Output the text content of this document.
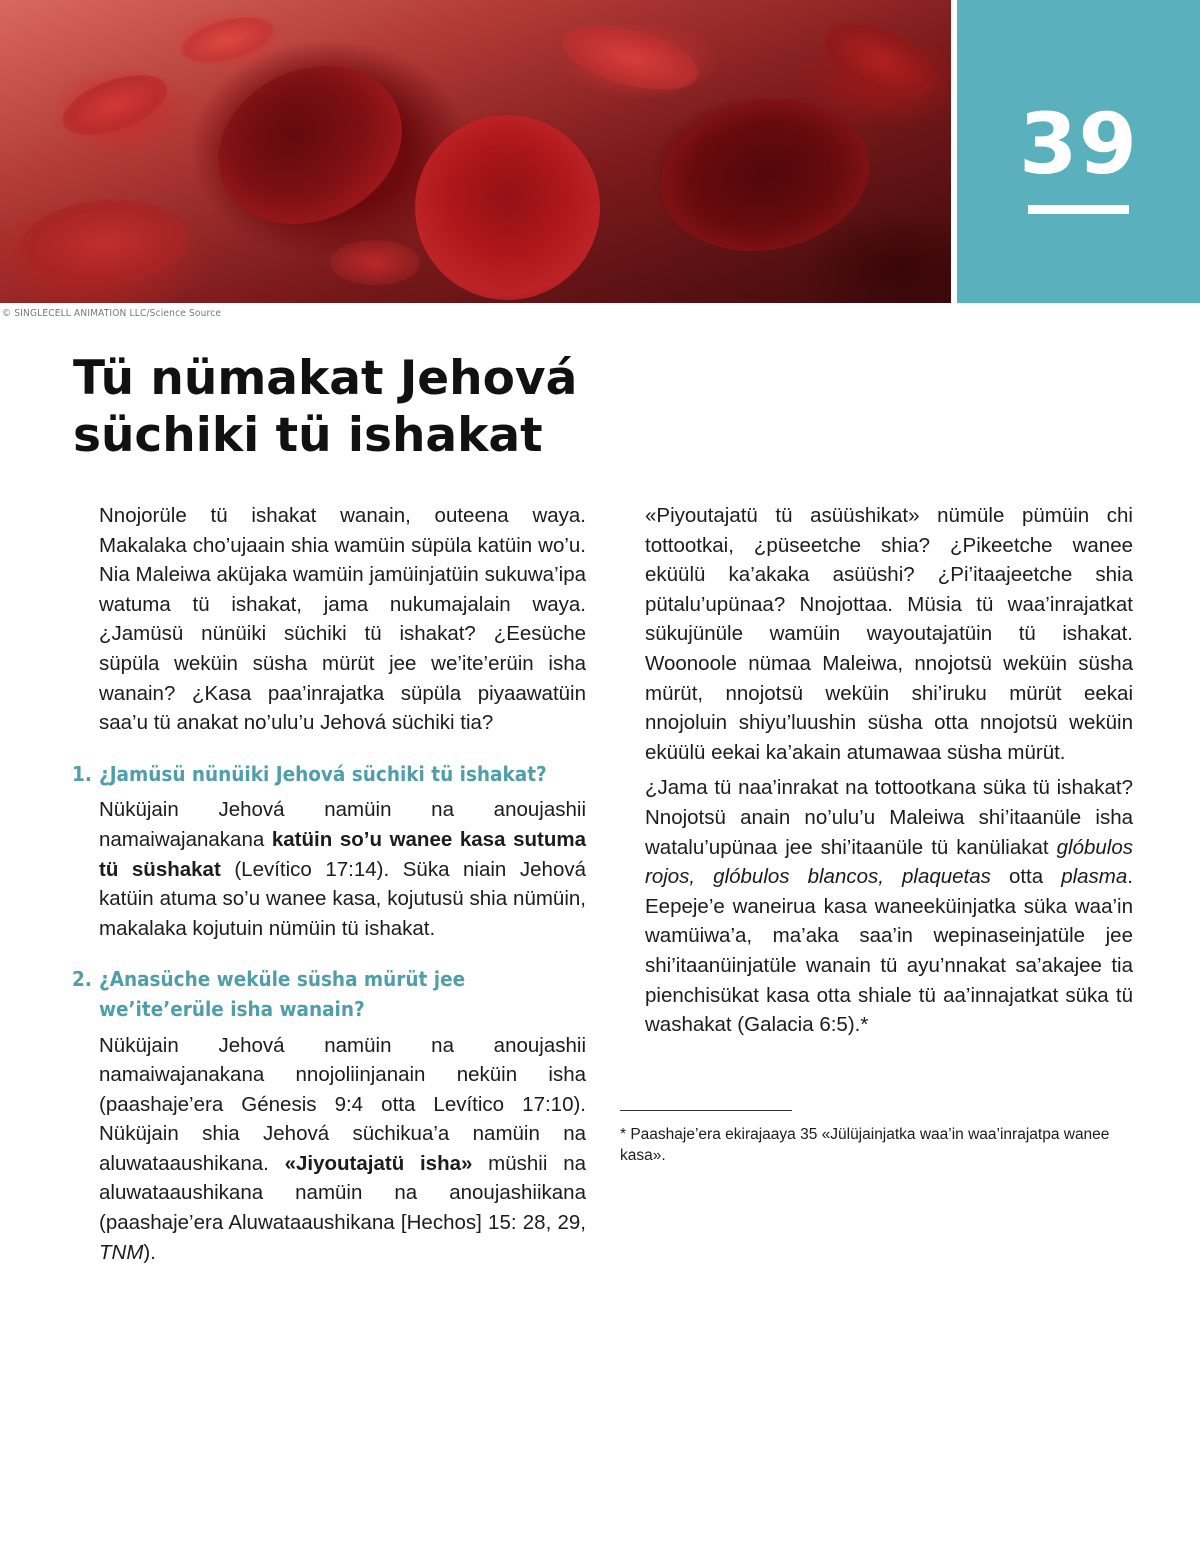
39
© SINGLECELL ANIMATION LLC/Science Source
Tü nümakat Jehová
süchiki tü ishakat

Nnojorüle tü ishakat wanain, outeena waya. Makalaka cho’ujaain shia wamüin süpüla katüin wo’u. Nia Maleiwa aküjaka wamüin jamüinjatüin sukuwa’ipa watuma tü ishakat, jama nukumajalain waya. ¿Jamüsü nünüiki süchiki tü ishakat? ¿Eesüche süpüla weküin süsha mürüt jee we’ite’erüin isha wanain? ¿Kasa paa’inrajatka süpüla piyaawatüin saa’u tü anakat no’ulu’u Jehová süchiki tia?

1. ¿Jamüsü nünüiki Jehová süchiki tü ishakat?

Nüküjain Jehová namüin na anoujashii namaiwajanakana katüin so’u wanee kasa sutuma tü süshakat (Levítico 17:14). Süka niain Jehová katüin atuma so’u wanee kasa, kojutusü shia nümüin, makalaka kojutuin nümüin tü ishakat.

2. ¿Anasüche weküle süsha mürüt jee
we’ite’erüle isha wanain?

Nüküjain Jehová namüin na anoujashii namaiwajanakana nnojoliinjanain neküin isha (paashaje’era Génesis 9:4 otta Levítico 17:10). Nüküjain shia Jehová süchikua’a namüin na aluwataaushikana. «Jiyoutajatü isha» müshii na aluwataaushikana namüin na anoujashiikana (paashaje’era Aluwataaushikana [Hechos] 15: 28, 29, TNM).

«Piyoutajatü tü asüüshikat» nümüle pümüin chi tottootkai, ¿püseetche shia? ¿Pikeetche wanee eküülü ka’akaka asüüshi? ¿Pi’itaajeetche shia pütalu’upünaa? Nnojottaa. Müsia tü waa’inrajatkat sükujünüle wamüin wayoutajatüin tü ishakat. Woonoole nümaa Maleiwa, nnojotsü weküin süsha mürüt, nnojotsü weküin shi’iruku mürüt eekai nnojoluin shiyu’luushin süsha otta nnojotsü weküin eküülü eekai ka’akain atumawaa süsha mürüt.

¿Jama tü naa’inrakat na tottootkana süka tü ishakat? Nnojotsü anain no’ulu’u Maleiwa shi’itaanüle isha watalu’upünaa jee shi’itaanüle tü kanüliakat glóbulos rojos, glóbulos blancos, plaquetas otta plasma. Eepeje’e waneirua kasa waneeküinjatka süka waa’in wamüiwa’a, ma’aka saa’in wepinaseinjatüle jee shi’itaanüinjatüle wanain tü ayu’nnakat sa’akajee tia pienchisükat kasa otta shiale tü aa’innajatkat süka tü washakat (Galacia 6:5).*

* Paashaje’era ekirajaaya 35 «Jülüjainjatka waa’in waa’inrajatpa wanee kasa».
